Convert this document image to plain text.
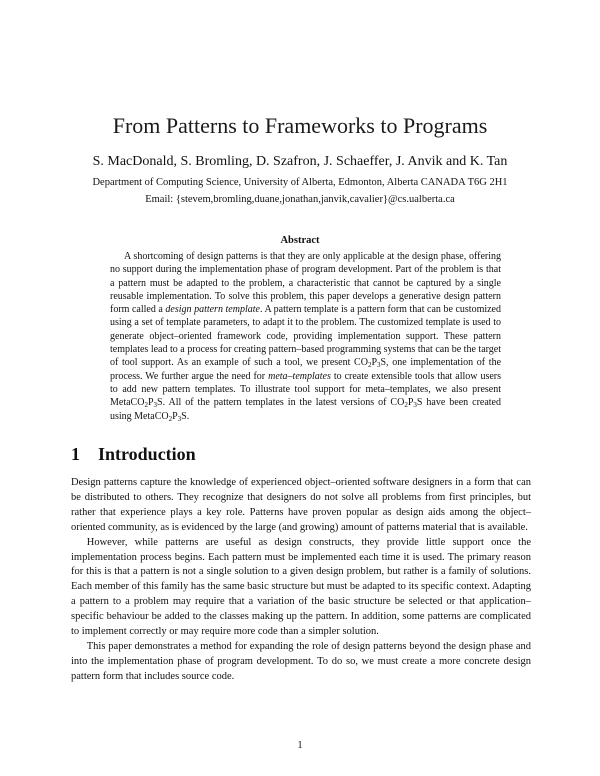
From Patterns to Frameworks to Programs
S. MacDonald, S. Bromling, D. Szafron, J. Schaeffer, J. Anvik and K. Tan
Department of Computing Science, University of Alberta, Edmonton, Alberta CANADA T6G 2H1
Email: {stevem,bromling,duane,jonathan,janvik,cavalier}@cs.ualberta.ca
Abstract
A shortcoming of design patterns is that they are only applicable at the design phase, offering no support during the implementation phase of program development. Part of the problem is that a pattern must be adapted to the problem, a characteristic that cannot be captured by a single reusable implementation. To solve this problem, this paper develops a generative design pattern form called a design pattern template. A pattern template is a pattern form that can be customized using a set of template parameters, to adapt it to the problem. The customized template is used to generate object–oriented framework code, providing implementation support. These pattern templates lead to a process for creating pattern–based programming systems that can be the target of tool support. As an example of such a tool, we present $CO_2P_3S$, one implementation of the process. We further argue the need for meta–templates to create extensible tools that allow users to add new pattern templates. To illustrate tool support for meta–templates, we also present $MetaCO_2P_3S$. All of the pattern templates in the latest versions of $CO_2P_3S$ have been created using $MetaCO_2P_3S$.
1 Introduction

Design patterns capture the knowledge of experienced object–oriented software designers in a form that can be distributed to others. They recognize that designers do not solve all problems from first principles, but rather that experience plays a key role. Patterns have proven popular as design aids among the object–oriented community, as is evidenced by the large (and growing) amount of patterns material that is available.

However, while patterns are useful as design constructs, they provide little support once the implementation process begins. Each pattern must be implemented each time it is used. The primary reason for this is that a pattern is not a single solution to a given design problem, but rather is a family of solutions. Each member of this family has the same basic structure but must be adapted to its specific context. Adapting a pattern to a problem may require that a variation of the basic structure be selected or that application–specific behaviour be added to the classes making up the pattern. In addition, some patterns are complicated to implement correctly or may require more code than a simpler solution.

This paper demonstrates a method for expanding the role of design patterns beyond the design phase and into the implementation phase of program development. To do so, we must create a more concrete design pattern form that includes source code.

1
